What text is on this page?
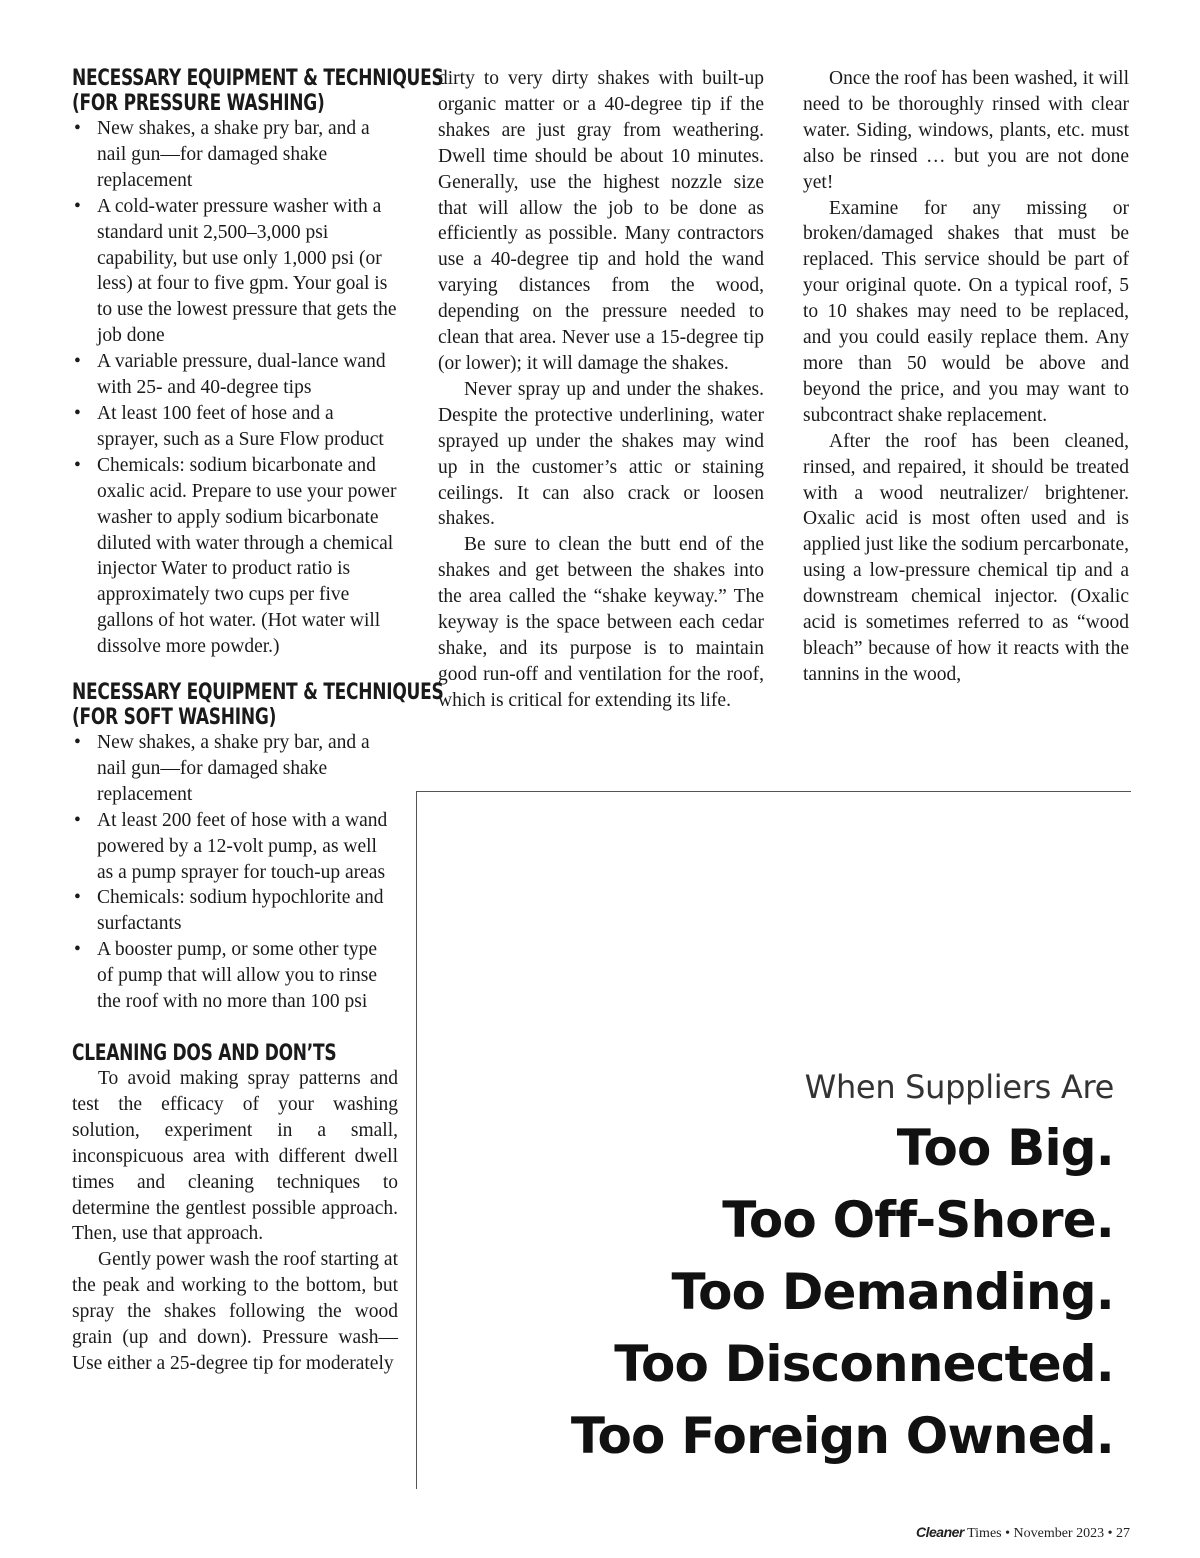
NECESSARY EQUIPMENT & TECHNIQUES
(FOR PRESSURE WASHING)
• New shakes, a shake pry bar, and a nail gun—for damaged shake replacement
• A cold-water pressure washer with a standard unit 2,500–3,000 psi capability, but use only 1,000 psi (or less) at four to five gpm. Your goal is to use the lowest pressure that gets the job done
• A variable pressure, dual-lance wand with 25- and 40-degree tips
• At least 100 feet of hose and a sprayer, such as a Sure Flow product
• Chemicals: sodium bicarbonate and oxalic acid. Prepare to use your power washer to apply sodium bicarbonate diluted with water through a chemical injector Water to product ratio is approximately two cups per five gallons of hot water. (Hot water will dissolve more powder.)
NECESSARY EQUIPMENT & TECHNIQUES
(FOR SOFT WASHING)
• New shakes, a shake pry bar, and a nail gun—for damaged shake replacement
• At least 200 feet of hose with a wand powered by a 12-volt pump, as well as a pump sprayer for touch-up areas
• Chemicals: sodium hypochlorite and surfactants
• A booster pump, or some other type of pump that will allow you to rinse the roof with no more than 100 psi
CLEANING DOS AND DON’TS

To avoid making spray patterns and test the efficacy of your washing solution, experiment in a small, inconspicuous area with different dwell times and cleaning techniques to determine the gentlest possible approach. Then, use that approach.

Gently power wash the roof starting at the peak and working to the bottom, but spray the shakes following the wood grain (up and down). Pressure wash—Use either a 25-degree tip for moderately

dirty to very dirty shakes with built-up organic matter or a 40-degree tip if the shakes are just gray from weathering. Dwell time should be about 10 minutes. Generally, use the highest nozzle size that will allow the job to be done as efficiently as possible. Many contractors use a 40-degree tip and hold the wand varying distances from the wood, depending on the pressure needed to clean that area. Never use a 15-degree tip (or lower); it will damage the shakes.

Never spray up and under the shakes. Despite the protective underlining, water sprayed up under the shakes may wind up in the customer’s attic or staining ceilings. It can also crack or loosen shakes.

Be sure to clean the butt end of the shakes and get between the shakes into the area called the “shake keyway.” The keyway is the space between each cedar shake, and its purpose is to maintain good run-off and ventilation for the roof, which is critical for extending its life.

Once the roof has been washed, it will need to be thoroughly rinsed with clear water. Siding, windows, plants, etc. must also be rinsed … but you are not done yet!

Examine for any missing or broken/damaged shakes that must be replaced. This service should be part of your original quote. On a typical roof, 5 to 10 shakes may need to be replaced, and you could easily replace them. Any more than 50 would be above and beyond the price, and you may want to subcontract shake replacement.

After the roof has been cleaned, rinsed, and repaired, it should be treated with a wood neutralizer/ brightener. Oxalic acid is most often used and is applied just like the sodium percarbonate, using a low-pressure chemical tip and a downstream chemical injector. (Oxalic acid is sometimes referred to as “wood bleach” because of how it reacts with the tannins in the wood,

When Suppliers Are
Too Big.
Too Off-Shore.
Too Demanding.
Too Disconnected.
Too Foreign Owned.
Cleaner Times • November 2023 • 27
